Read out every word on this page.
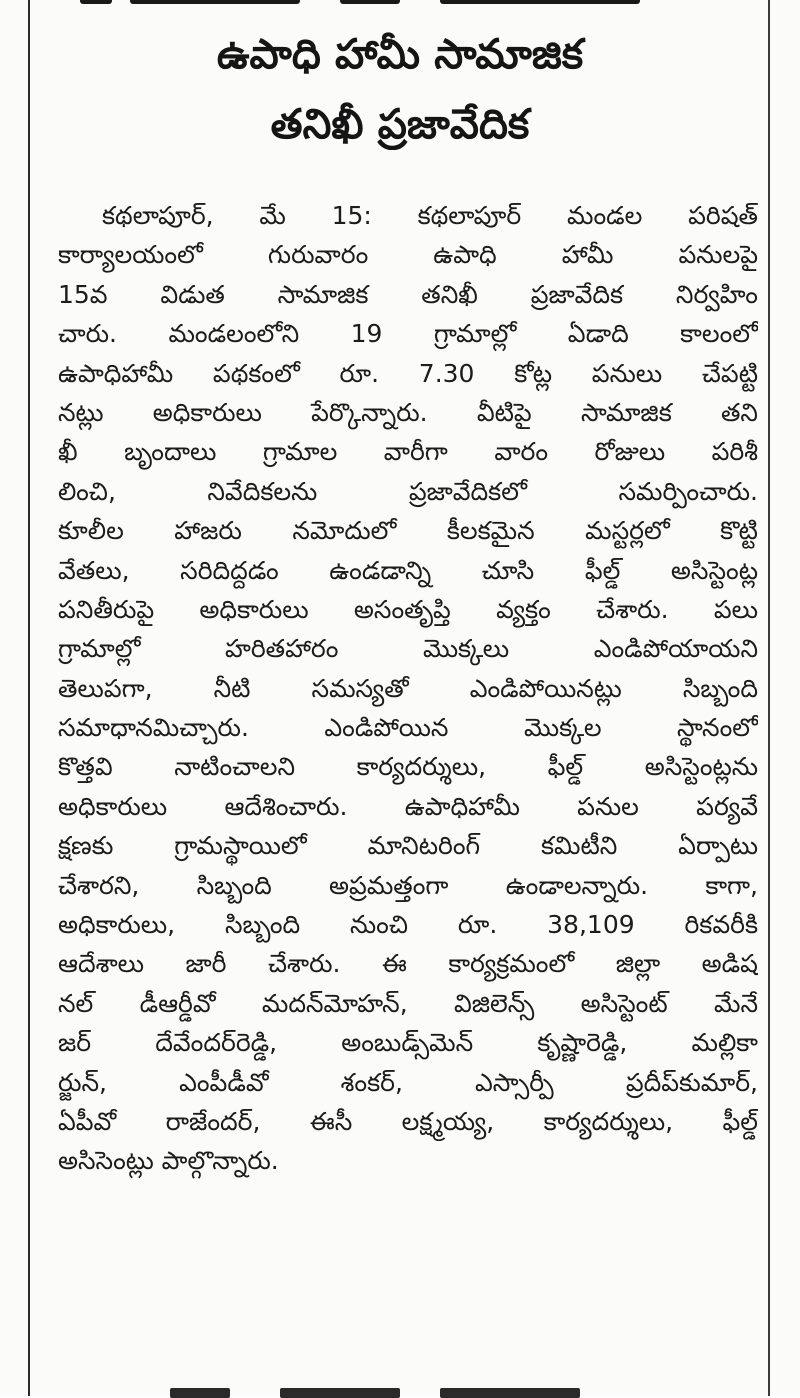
ఉపాధి హామీ సామాజిక
తనిఖీ ప్రజావేదిక
కథలాపూర్, మే 15: కథలాపూర్ మండల పరిషత్
కార్యాలయంలో గురువారం ఉపాధి హామీ పనులపై
15వ విడుత సామాజిక తనిఖీ ప్రజావేదిక నిర్వహిం
చారు. మండలంలోని 19 గ్రామాల్లో ఏడాది కాలంలో
ఉపాధిహామీ పథకంలో రూ. 7.30 కోట్ల పనులు చేపట్టి
నట్లు అధికారులు పేర్కొన్నారు. వీటిపై సామాజిక తని
ఖీ బృందాలు గ్రామాల వారీగా వారం రోజులు పరిశీ
లించి, నివేదికలను ప్రజావేదికలో సమర్పించారు.
కూలీల హాజరు నమోదులో కీలకమైన మస్టర్లలో కొట్టి
వేతలు, సరిదిద్దడం ఉండడాన్ని చూసి ఫీల్డ్ అసిస్టెంట్ల
పనితీరుపై అధికారులు అసంతృప్తి వ్యక్తం చేశారు. పలు
గ్రామాల్లో హరితహారం మొక్కలు ఎండిపోయాయని
తెలుపగా, నీటి సమస్యతో ఎండిపోయినట్లు సిబ్బంది
సమాధానమిచ్చారు. ఎండిపోయిన మొక్కల స్థానంలో
కొత్తవి నాటించాలని కార్యదర్శులు, ఫీల్డ్ అసిస్టెంట్లను
అధికారులు ఆదేశించారు. ఉపాధిహామీ పనుల పర్యవే
క్షణకు గ్రామస్థాయిలో మానిటరింగ్ కమిటీని ఏర్పాటు
చేశారని, సిబ్బంది అప్రమత్తంగా ఉండాలన్నారు. కాగా,
అధికారులు, సిబ్బంది నుంచి రూ. 38,109 రికవరీకి
ఆదేశాలు జారీ చేశారు. ఈ కార్యక్రమంలో జిల్లా అడిష
నల్ డీఆర్డీవో మదన్‌మోహన్, విజిలెన్స్ అసిస్టెంట్ మేనే
జర్ దేవేందర్‌రెడ్డి, అంబుడ్స్‌మెన్ కృష్ణారెడ్డి, మల్లికా
ర్జున్, ఎంపీడీవో శంకర్, ఎస్సార్పీ ప్రదీప్‌కుమార్,
ఏపీవో రాజేందర్, ఈసీ లక్ష్మయ్య, కార్యదర్శులు, ఫీల్డ్
అసిసెంట్లు పాల్గొన్నారు.
